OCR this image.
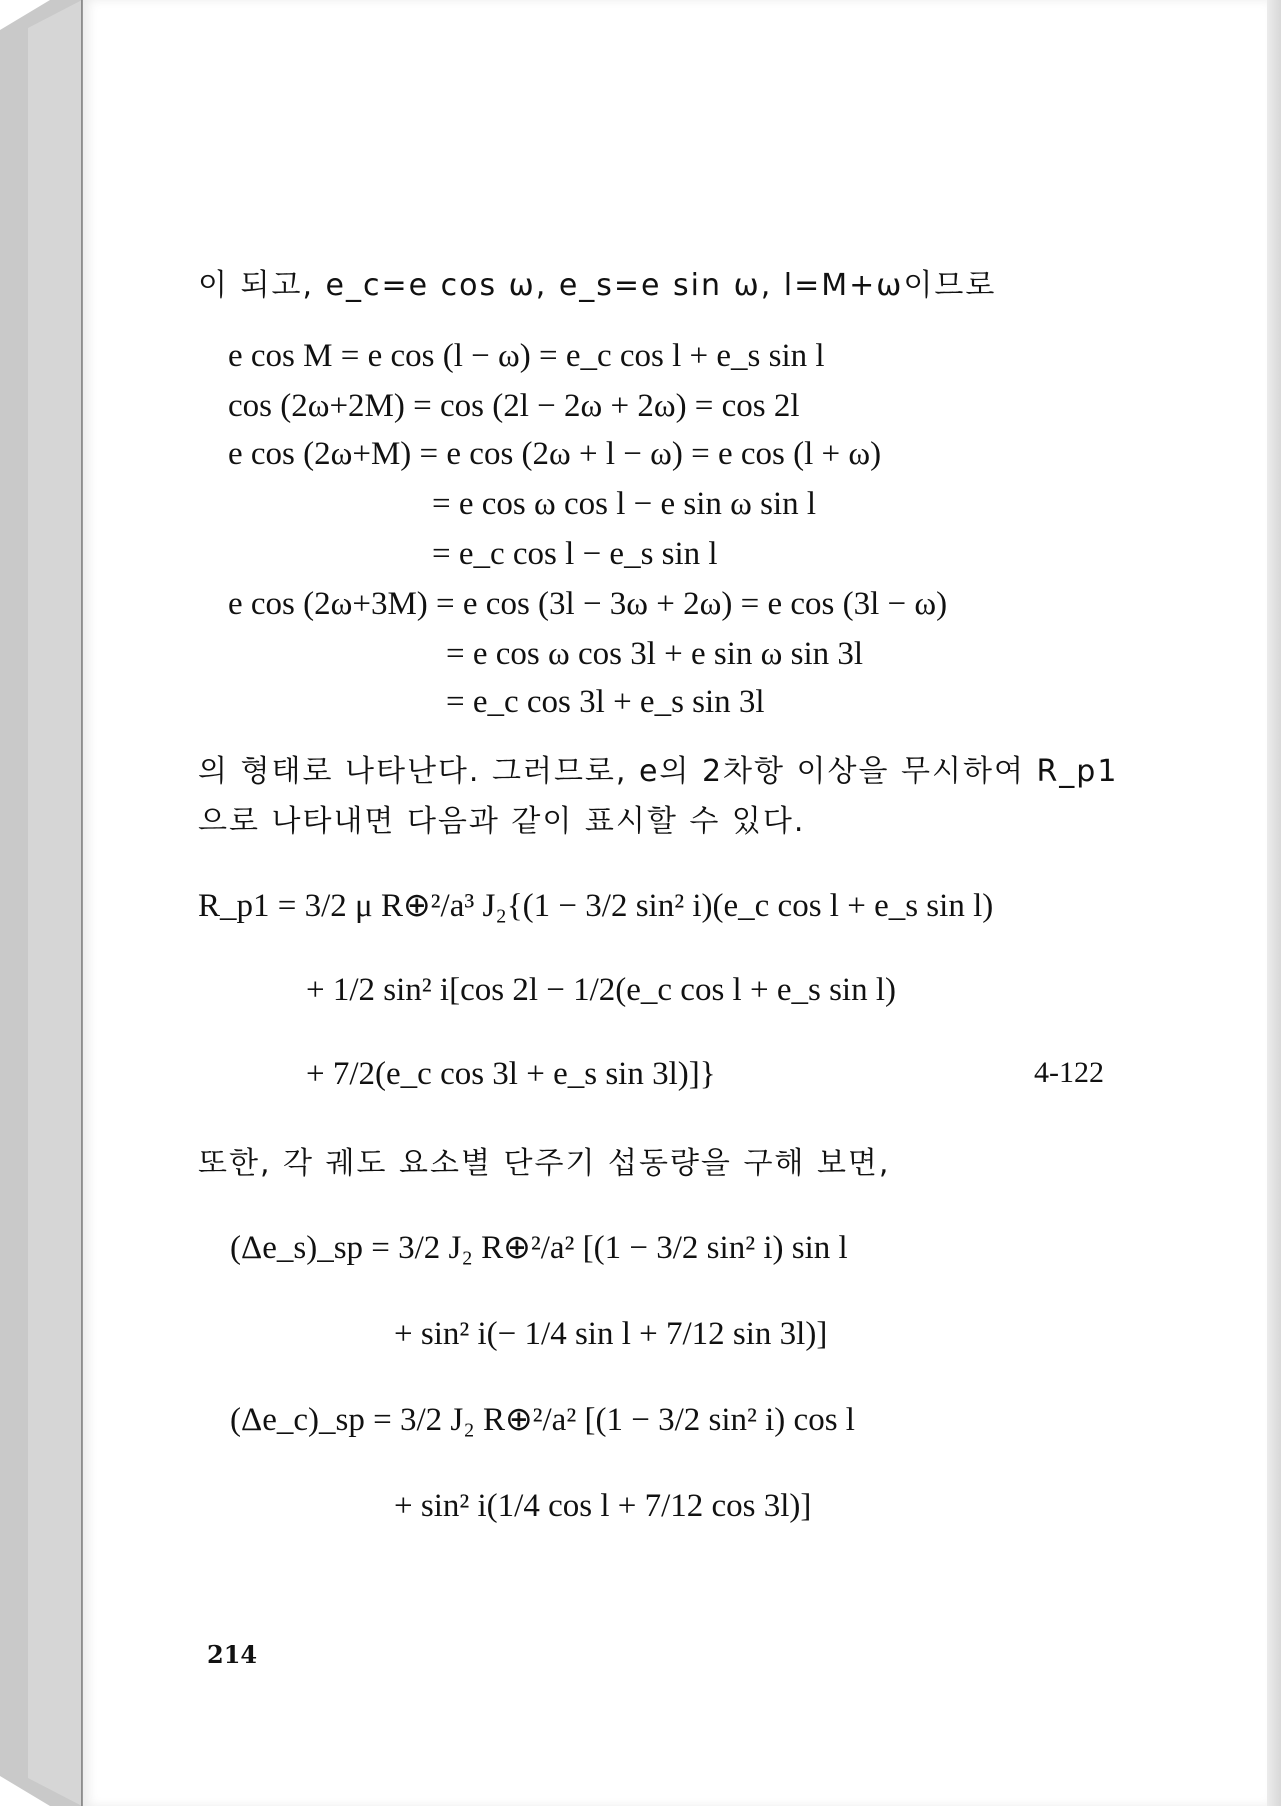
이 되고, e_c=e cos ω, e_s=e sin ω, l=M+ω이므로
e cos M = e cos (l − ω) = e_c cos l + e_s sin l
cos (2ω+2M) = cos (2l − 2ω + 2ω) = cos 2l
e cos (2ω+M) = e cos (2ω + l − ω) = e cos (l + ω)
= e cos ω cos l − e sin ω sin l
= e_c cos l − e_s sin l
e cos (2ω+3M) = e cos (3l − 3ω + 2ω) = e cos (3l − ω)
= e cos ω cos 3l + e sin ω sin 3l
= e_c cos 3l + e_s sin 3l
의 형태로 나타난다. 그러므로, e의 2차항 이상을 무시하여 R_p1
으로 나타내면 다음과 같이 표시할 수 있다.
R_p1 = 3/2 μ R⊕²/a³ J₂{(1 − 3/2 sin² i)(e_c cos l + e_s sin l)
+ 1/2 sin² i[cos 2l − 1/2(e_c cos l + e_s sin l)
+ 7/2(e_c cos 3l + e_s sin 3l)]}	4-122
또한, 각 궤도 요소별 단주기 섭동량을 구해 보면,
(Δe_s)_sp = 3/2 J₂ R⊕²/a² [(1 − 3/2 sin² i) sin l
+ sin² i(− 1/4 sin l + 7/12 sin 3l)]
(Δe_c)_sp = 3/2 J₂ R⊕²/a² [(1 − 3/2 sin² i) cos l
+ sin² i(1/4 cos l + 7/12 cos 3l)]
214
